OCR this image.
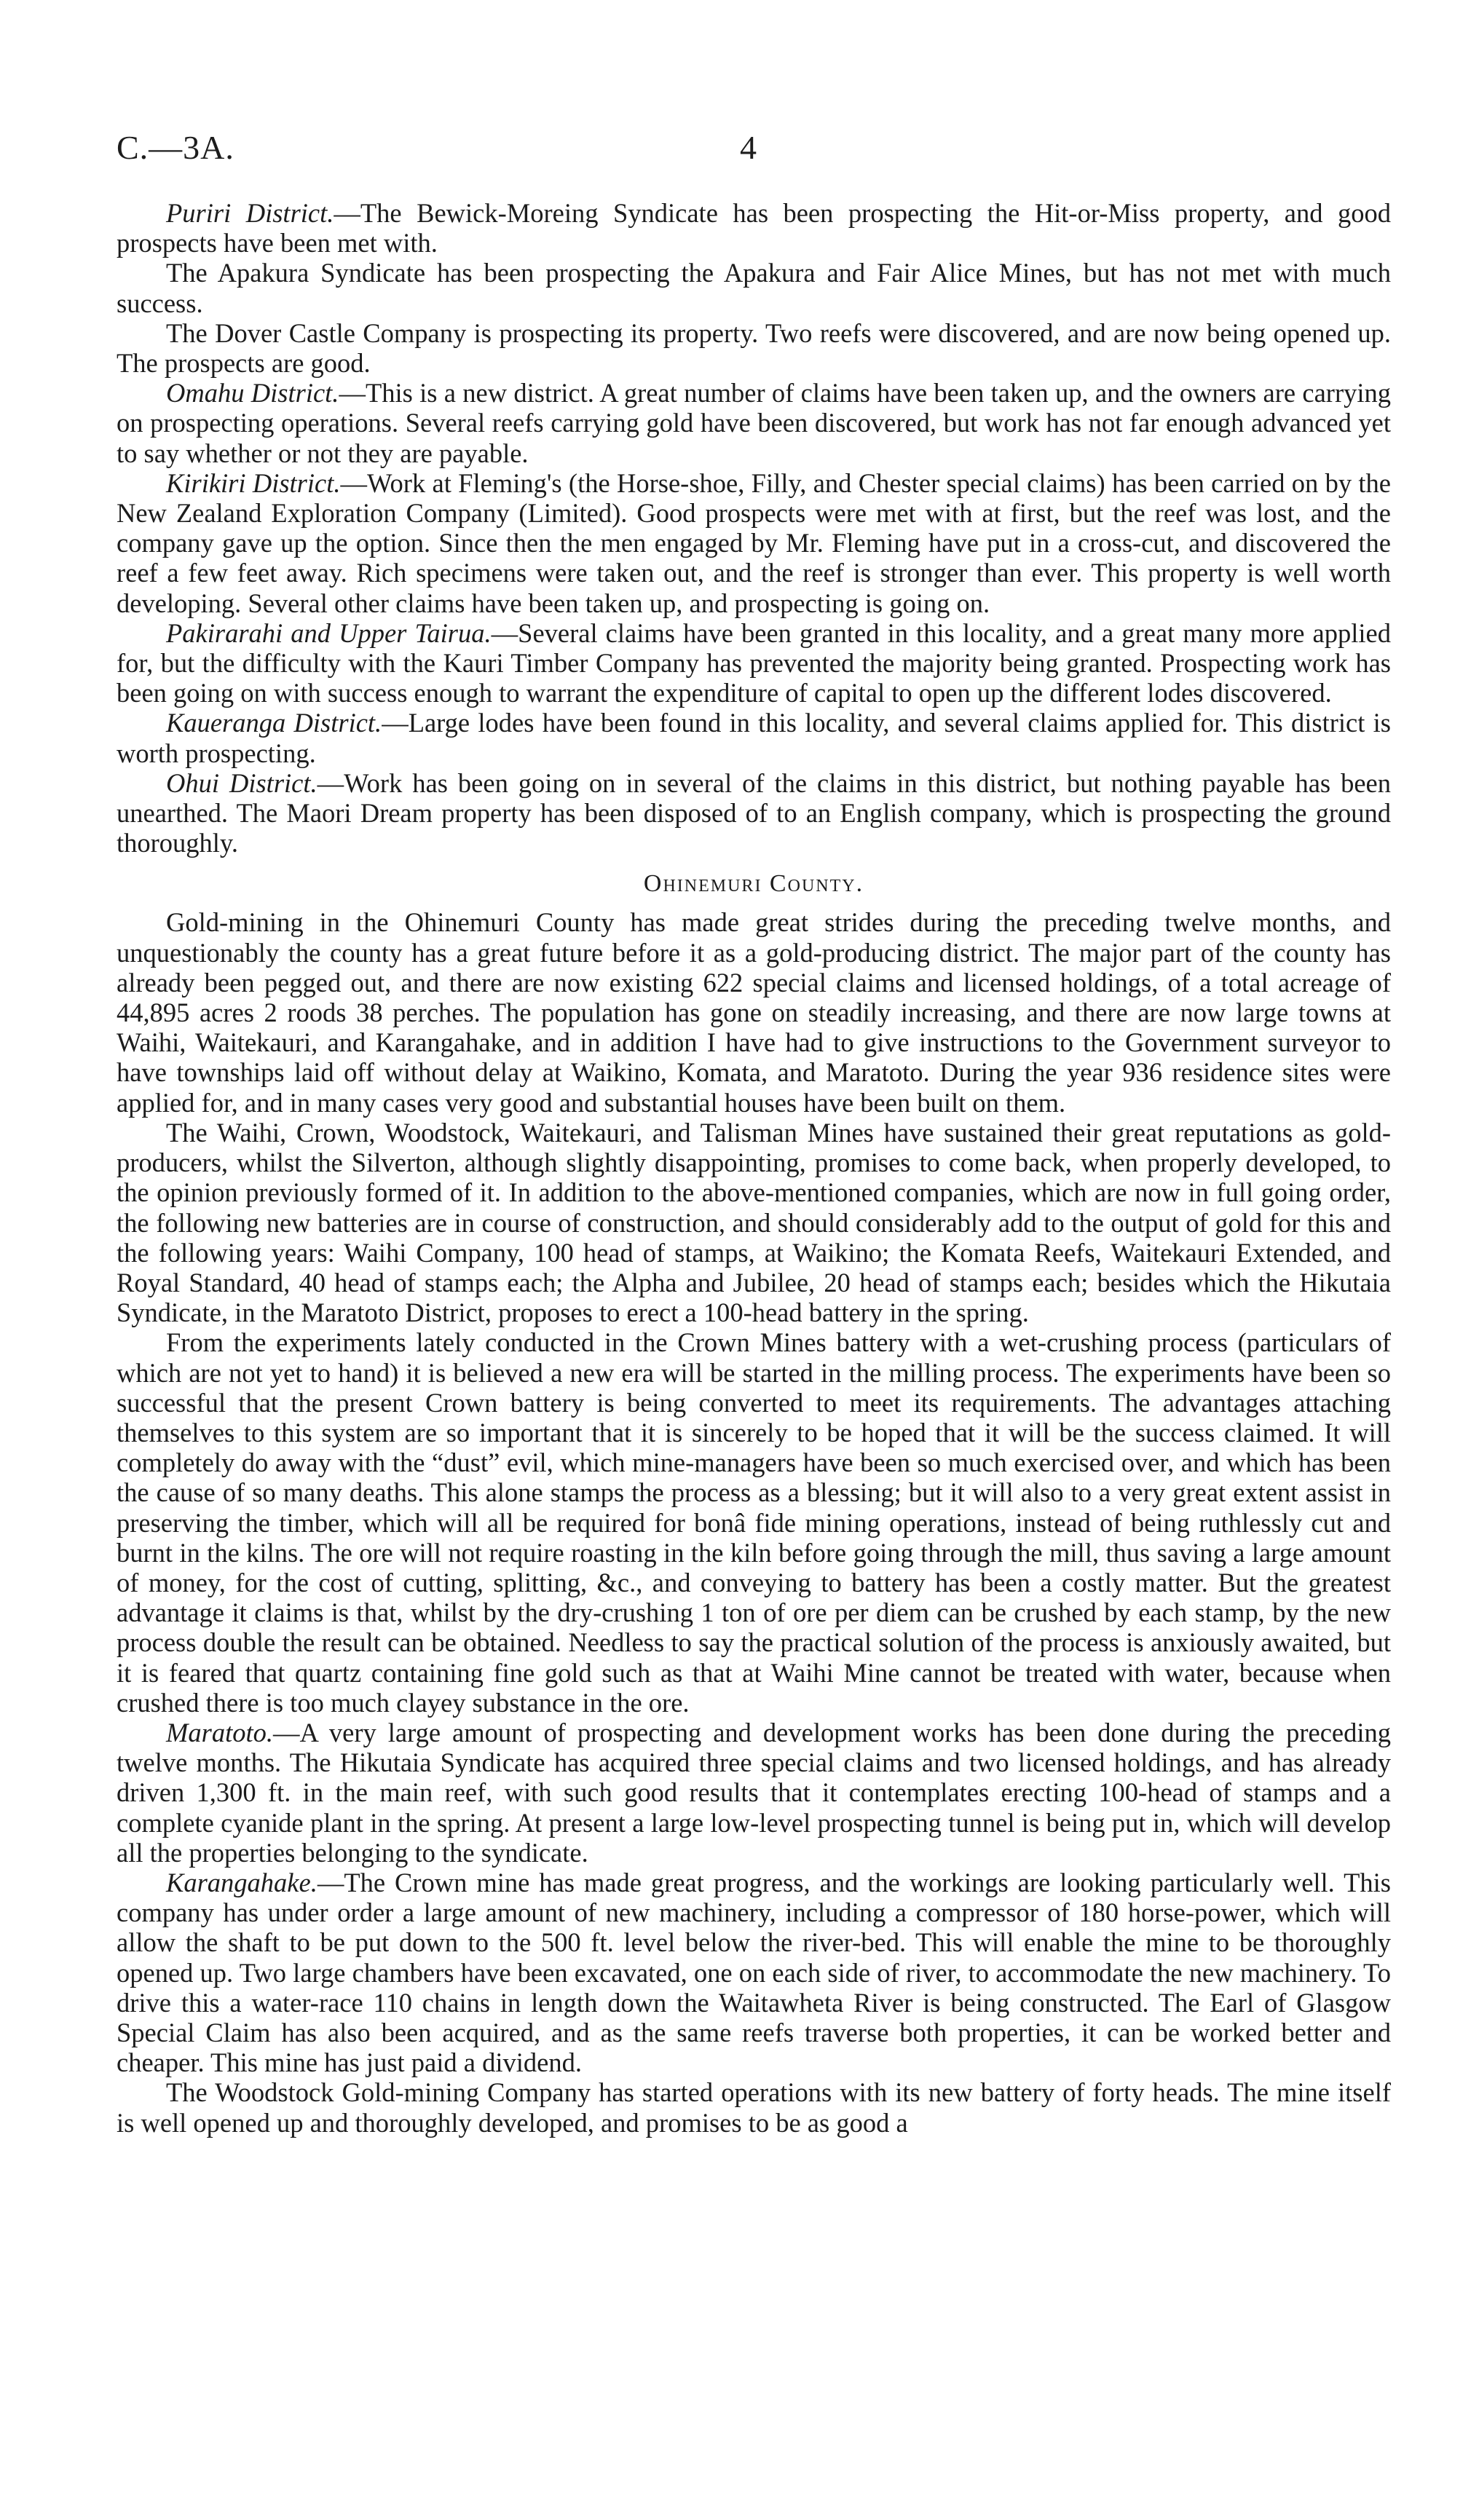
C.—3A.	4

Puriri District.—The Bewick-Moreing Syndicate has been prospecting the Hit-or-Miss property, and good prospects have been met with.

The Apakura Syndicate has been prospecting the Apakura and Fair Alice Mines, but has not met with much success.

The Dover Castle Company is prospecting its property. Two reefs were discovered, and are now being opened up. The prospects are good.

Omahu District.—This is a new district. A great number of claims have been taken up, and the owners are carrying on prospecting operations. Several reefs carrying gold have been discovered, but work has not far enough advanced yet to say whether or not they are payable.

Kirikiri District.—Work at Fleming's (the Horse-shoe, Filly, and Chester special claims) has been carried on by the New Zealand Exploration Company (Limited). Good prospects were met with at first, but the reef was lost, and the company gave up the option. Since then the men engaged by Mr. Fleming have put in a cross-cut, and discovered the reef a few feet away. Rich specimens were taken out, and the reef is stronger than ever. This property is well worth developing. Several other claims have been taken up, and prospecting is going on.

Pakirarahi and Upper Tairua.—Several claims have been granted in this locality, and a great many more applied for, but the difficulty with the Kauri Timber Company has prevented the majority being granted. Prospecting work has been going on with success enough to warrant the expenditure of capital to open up the different lodes discovered.

Kaueranga District.—Large lodes have been found in this locality, and several claims applied for. This district is worth prospecting.

Ohui District.—Work has been going on in several of the claims in this district, but nothing payable has been unearthed. The Maori Dream property has been disposed of to an English company, which is prospecting the ground thoroughly.

Ohinemuri County.

Gold-mining in the Ohinemuri County has made great strides during the preceding twelve months, and unquestionably the county has a great future before it as a gold-producing district. The major part of the county has already been pegged out, and there are now existing 622 special claims and licensed holdings, of a total acreage of 44,895 acres 2 roods 38 perches. The population has gone on steadily increasing, and there are now large towns at Waihi, Waitekauri, and Karangahake, and in addition I have had to give instructions to the Government surveyor to have townships laid off without delay at Waikino, Komata, and Maratoto. During the year 936 residence sites were applied for, and in many cases very good and substantial houses have been built on them.

The Waihi, Crown, Woodstock, Waitekauri, and Talisman Mines have sustained their great reputations as gold-producers, whilst the Silverton, although slightly disappointing, promises to come back, when properly developed, to the opinion previously formed of it. In addition to the above-mentioned companies, which are now in full going order, the following new batteries are in course of construction, and should considerably add to the output of gold for this and the following years: Waihi Company, 100 head of stamps, at Waikino; the Komata Reefs, Waitekauri Extended, and Royal Standard, 40 head of stamps each; the Alpha and Jubilee, 20 head of stamps each; besides which the Hikutaia Syndicate, in the Maratoto District, proposes to erect a 100-head battery in the spring.

From the experiments lately conducted in the Crown Mines battery with a wet-crushing process (particulars of which are not yet to hand) it is believed a new era will be started in the milling process. The experiments have been so successful that the present Crown battery is being converted to meet its requirements. The advantages attaching themselves to this system are so important that it is sincerely to be hoped that it will be the success claimed. It will completely do away with the “dust” evil, which mine-managers have been so much exercised over, and which has been the cause of so many deaths. This alone stamps the process as a blessing; but it will also to a very great extent assist in preserving the timber, which will all be required for bonâ fide mining operations, instead of being ruthlessly cut and burnt in the kilns. The ore will not require roasting in the kiln before going through the mill, thus saving a large amount of money, for the cost of cutting, splitting, &c., and conveying to battery has been a costly matter. But the greatest advantage it claims is that, whilst by the dry-crushing 1 ton of ore per diem can be crushed by each stamp, by the new process double the result can be obtained. Needless to say the practical solution of the process is anxiously awaited, but it is feared that quartz containing fine gold such as that at Waihi Mine cannot be treated with water, because when crushed there is too much clayey substance in the ore.

Maratoto.—A very large amount of prospecting and development works has been done during the preceding twelve months. The Hikutaia Syndicate has acquired three special claims and two licensed holdings, and has already driven 1,300 ft. in the main reef, with such good results that it contemplates erecting 100-head of stamps and a complete cyanide plant in the spring. At present a large low-level prospecting tunnel is being put in, which will develop all the properties belonging to the syndicate.

Karangahake.—The Crown mine has made great progress, and the workings are looking particularly well. This company has under order a large amount of new machinery, including a compressor of 180 horse-power, which will allow the shaft to be put down to the 500 ft. level below the river-bed. This will enable the mine to be thoroughly opened up. Two large chambers have been excavated, one on each side of river, to accommodate the new machinery. To drive this a water-race 110 chains in length down the Waitawheta River is being constructed. The Earl of Glasgow Special Claim has also been acquired, and as the same reefs traverse both properties, it can be worked better and cheaper. This mine has just paid a dividend.

The Woodstock Gold-mining Company has started operations with its new battery of forty heads. The mine itself is well opened up and thoroughly developed, and promises to be as good a
